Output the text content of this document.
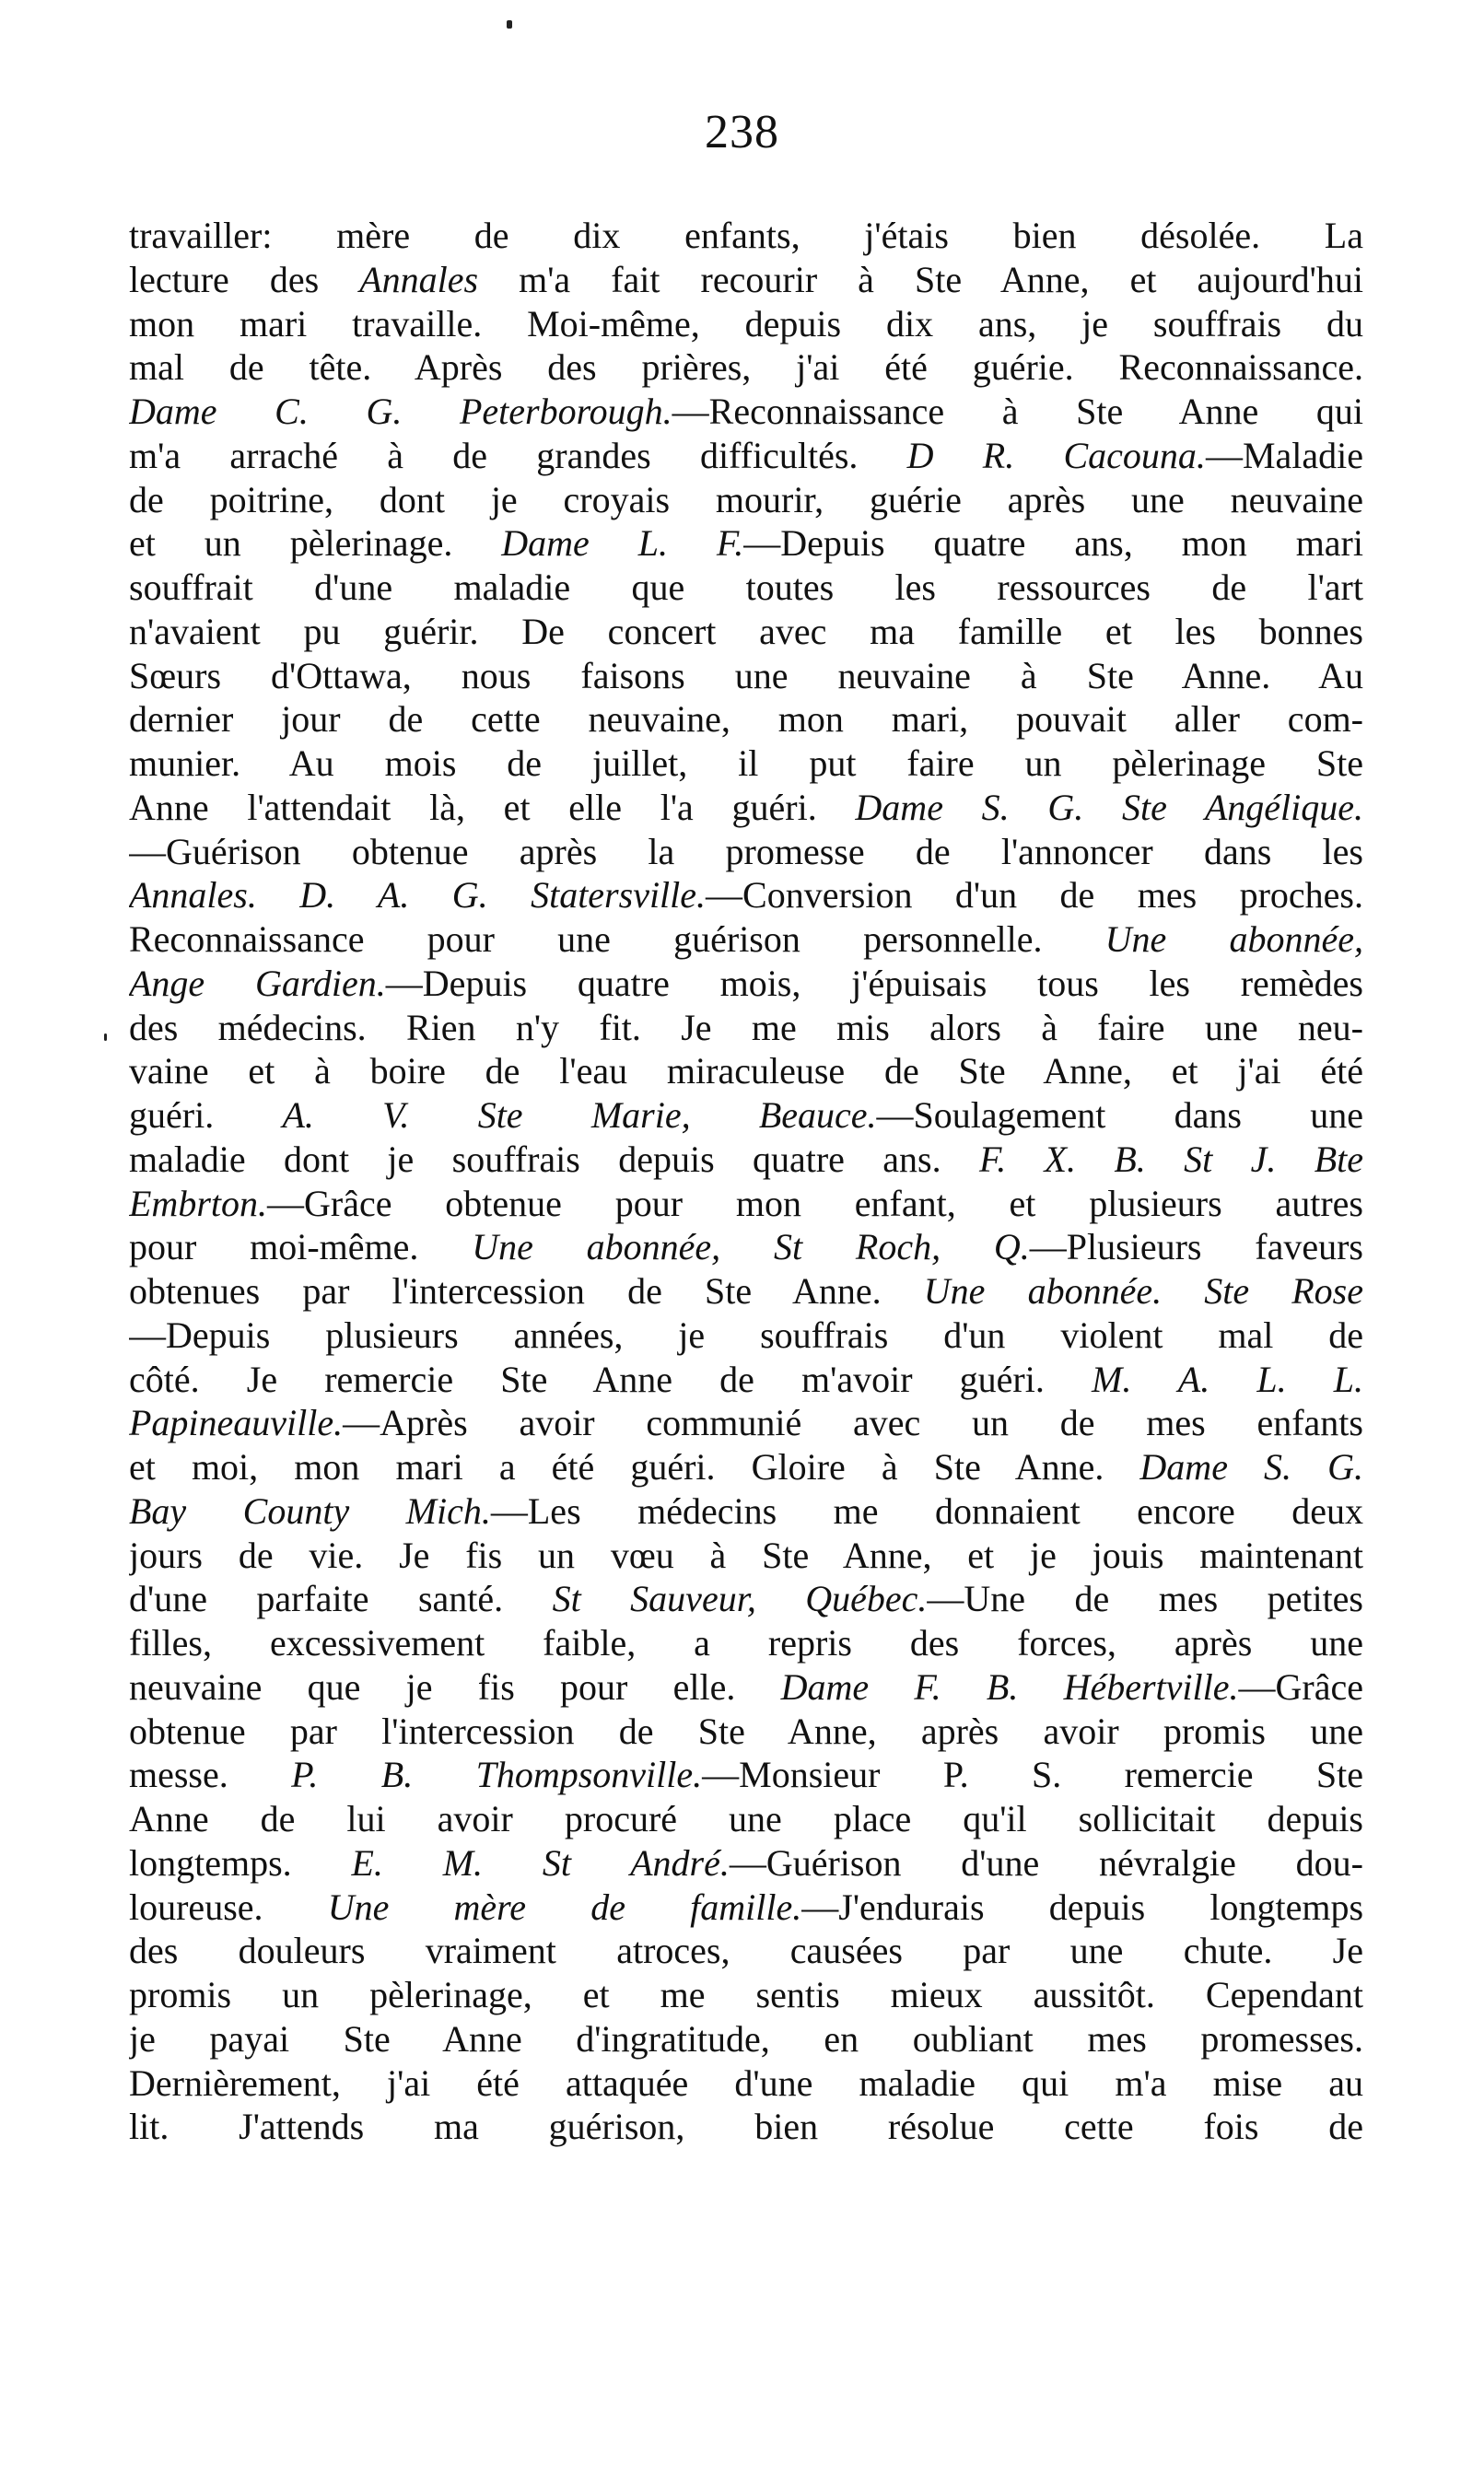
238
travailler: mère de dix enfants, j'étais bien désolée. La
lecture des Annales m'a fait recourir à Ste Anne, et aujourd'hui
mon mari travaille. Moi-même, depuis dix ans, je souffrais du
mal de tête. Après des prières, j'ai été guérie. Reconnaissance.
Dame C. G. Peterborough.—Reconnaissance à Ste Anne qui
m'a arraché à de grandes difficultés. D R. Cacouna.—Maladie
de poitrine, dont je croyais mourir, guérie après une neuvaine
et un pèlerinage. Dame L. F.—Depuis quatre ans, mon mari
souffrait d'une maladie que toutes les ressources de l'art
n'avaient pu guérir. De concert avec ma famille et les bonnes
Sœurs d'Ottawa, nous faisons une neuvaine à Ste Anne. Au
dernier jour de cette neuvaine, mon mari, pouvait aller com-
munier. Au mois de juillet, il put faire un pèlerinage Ste
Anne l'attendait là, et elle l'a guéri. Dame S. G. Ste Angélique.
—Guérison obtenue après la promesse de l'annoncer dans les
Annales. D. A. G. Statersville.—Conversion d'un de mes proches.
Reconnaissance pour une guérison personnelle. Une abonnée,
Ange Gardien.—Depuis quatre mois, j'épuisais tous les remèdes
des médecins. Rien n'y fit. Je me mis alors à faire une neu-
vaine et à boire de l'eau miraculeuse de Ste Anne, et j'ai été
guéri. A. V. Ste Marie, Beauce.—Soulagement dans une
maladie dont je souffrais depuis quatre ans. F. X. B. St J. Bte
Embrton.—Grâce obtenue pour mon enfant, et plusieurs autres
pour moi-même. Une abonnée, St Roch, Q.—Plusieurs faveurs
obtenues par l'intercession de Ste Anne. Une abonnée. Ste Rose
—Depuis plusieurs années, je souffrais d'un violent mal de
côté. Je remercie Ste Anne de m'avoir guéri. M. A. L. L.
Papineauville.—Après avoir communié avec un de mes enfants
et moi, mon mari a été guéri. Gloire à Ste Anne. Dame S. G.
Bay County Mich.—Les médecins me donnaient encore deux
jours de vie. Je fis un vœu à Ste Anne, et je jouis maintenant
d'une parfaite santé. St Sauveur, Québec.—Une de mes petites
filles, excessivement faible, a repris des forces, après une
neuvaine que je fis pour elle. Dame F. B. Hébertville.—Grâce
obtenue par l'intercession de Ste Anne, après avoir promis une
messe. P. B. Thompsonville.—Monsieur P. S. remercie Ste
Anne de lui avoir procuré une place qu'il sollicitait depuis
longtemps. E. M. St André.—Guérison d'une névralgie dou-
loureuse. Une mère de famille.—J'endurais depuis longtemps
des douleurs vraiment atroces, causées par une chute. Je
promis un pèlerinage, et me sentis mieux aussitôt. Cependant
je payai Ste Anne d'ingratitude, en oubliant mes promesses.
Dernièrement, j'ai été attaquée d'une maladie qui m'a mise au
lit. J'attends ma guérison, bien résolue cette fois de
